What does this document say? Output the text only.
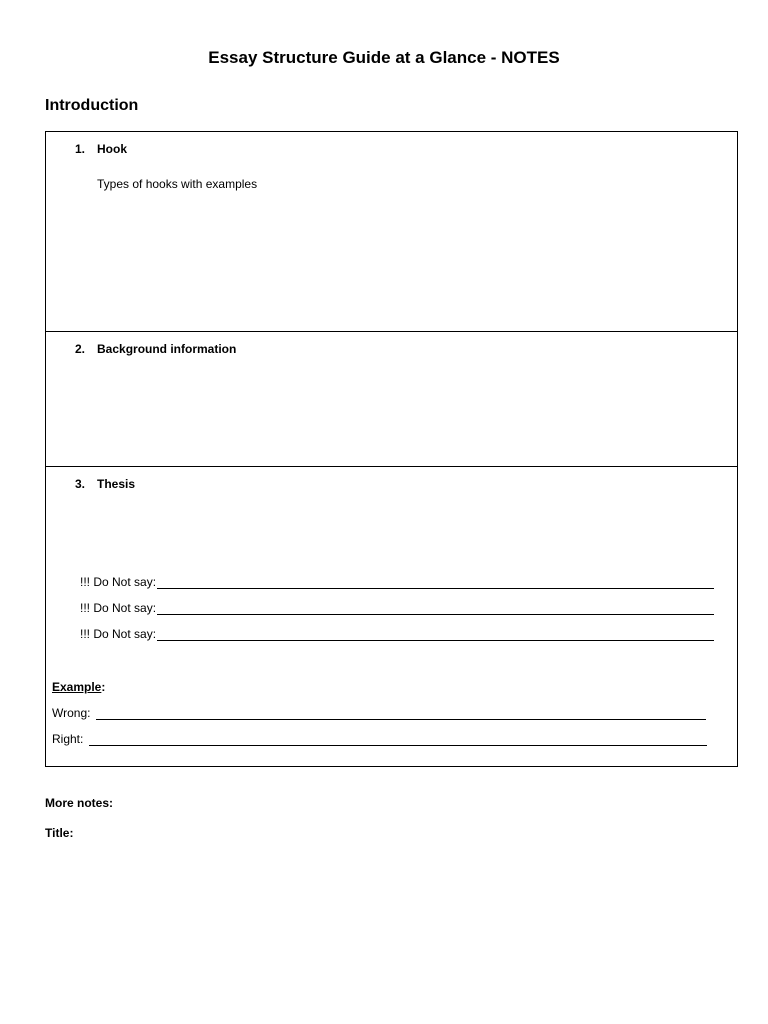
Essay Structure Guide at a Glance - NOTES
Introduction
1. Hook
Types of hooks with examples
2. Background information
3. Thesis
!!! Do Not say:
!!! Do Not say:
!!! Do Not say:
Example:
Wrong:
Right:
More notes:
Title:
